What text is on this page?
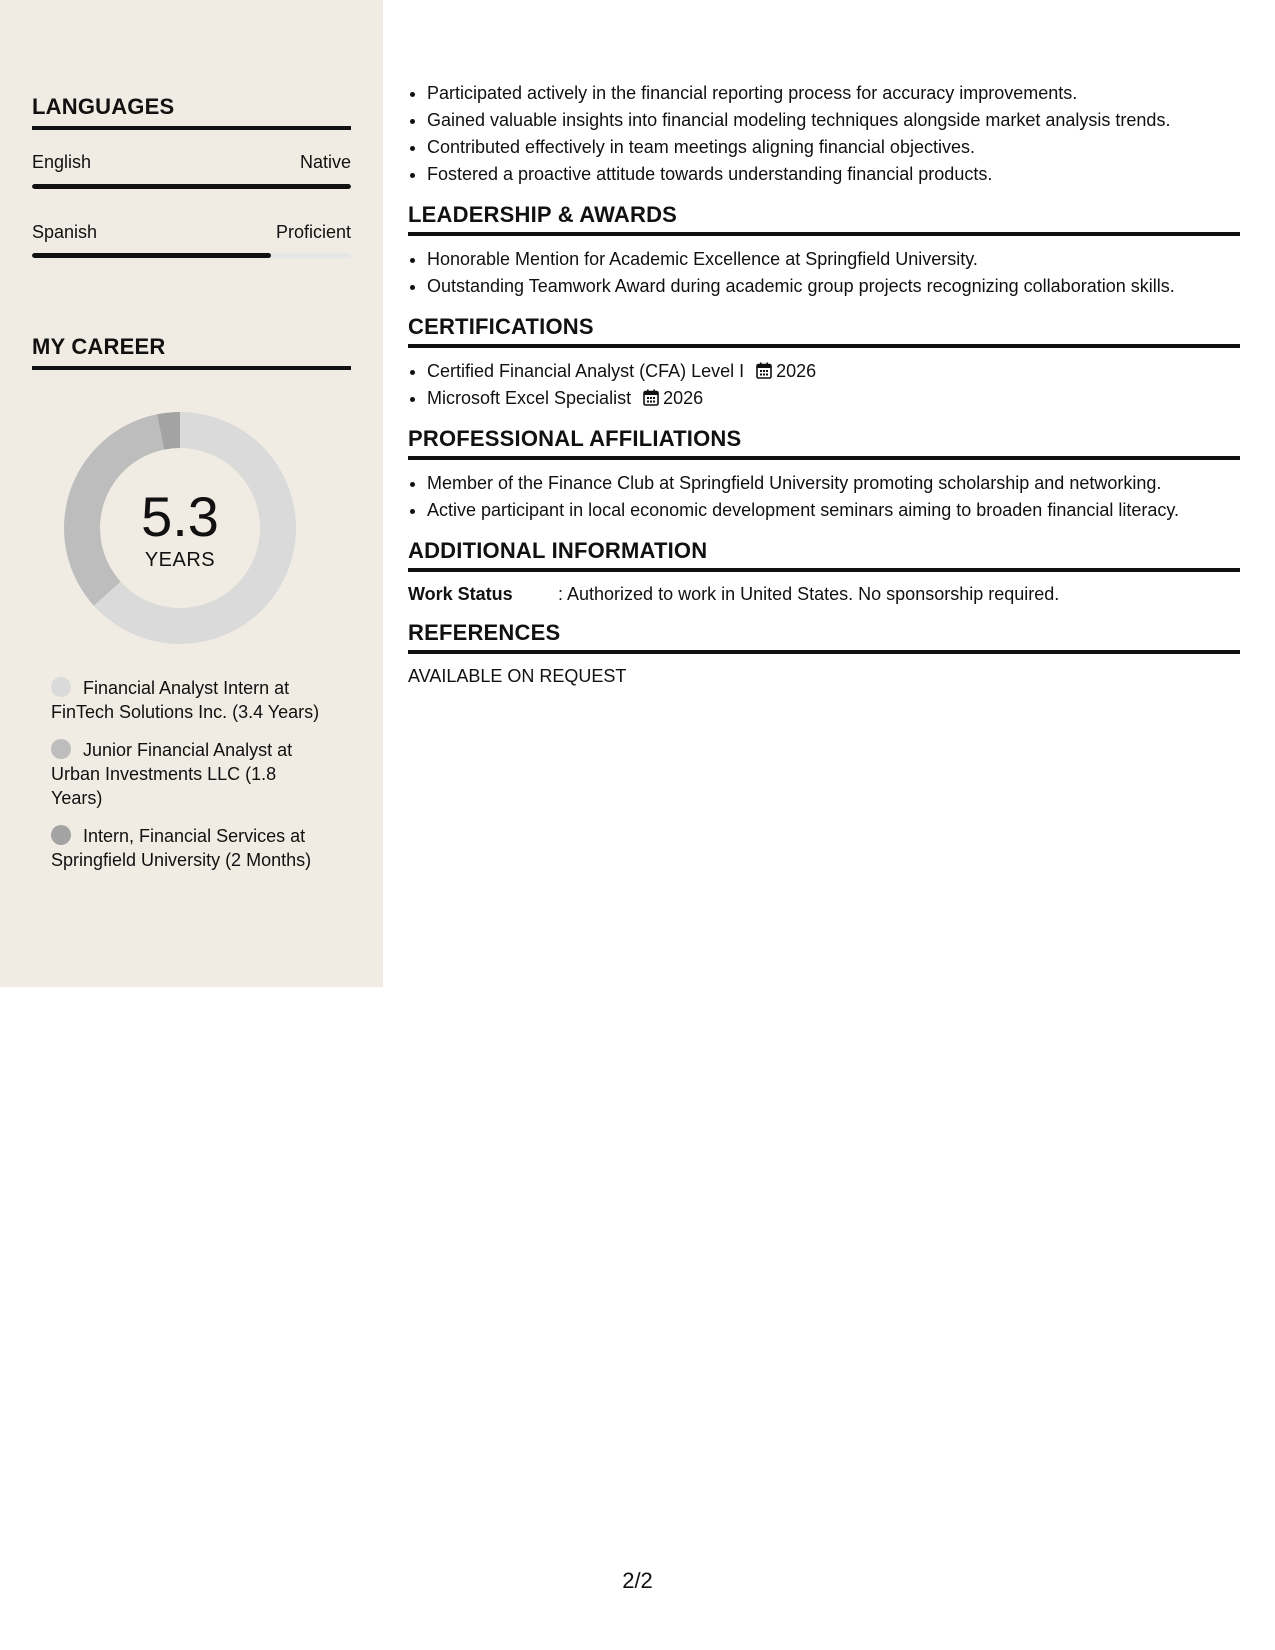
LANGUAGES
English	Native
Spanish	Proficient
MY CAREER
5.3
YEARS
Financial Analyst Intern at FinTech Solutions Inc. (3.4 Years)
Junior Financial Analyst at Urban Investments LLC (1.8 Years)
Intern, Financial Services at Springfield University (2 Months)
• Participated actively in the financial reporting process for accuracy improvements.
• Gained valuable insights into financial modeling techniques alongside market analysis trends.
• Contributed effectively in team meetings aligning financial objectives.
• Fostered a proactive attitude towards understanding financial products.
LEADERSHIP & AWARDS
• Honorable Mention for Academic Excellence at Springfield University.
• Outstanding Teamwork Award during academic group projects recognizing collaboration skills.
CERTIFICATIONS
• Certified Financial Analyst (CFA) Level I 2026
• Microsoft Excel Specialist 2026
PROFESSIONAL AFFILIATIONS
• Member of the Finance Club at Springfield University promoting scholarship and networking.
• Active participant in local economic development seminars aiming to broaden financial literacy.
ADDITIONAL INFORMATION
Work Status	: Authorized to work in United States. No sponsorship required.
REFERENCES
AVAILABLE ON REQUEST
2/2
